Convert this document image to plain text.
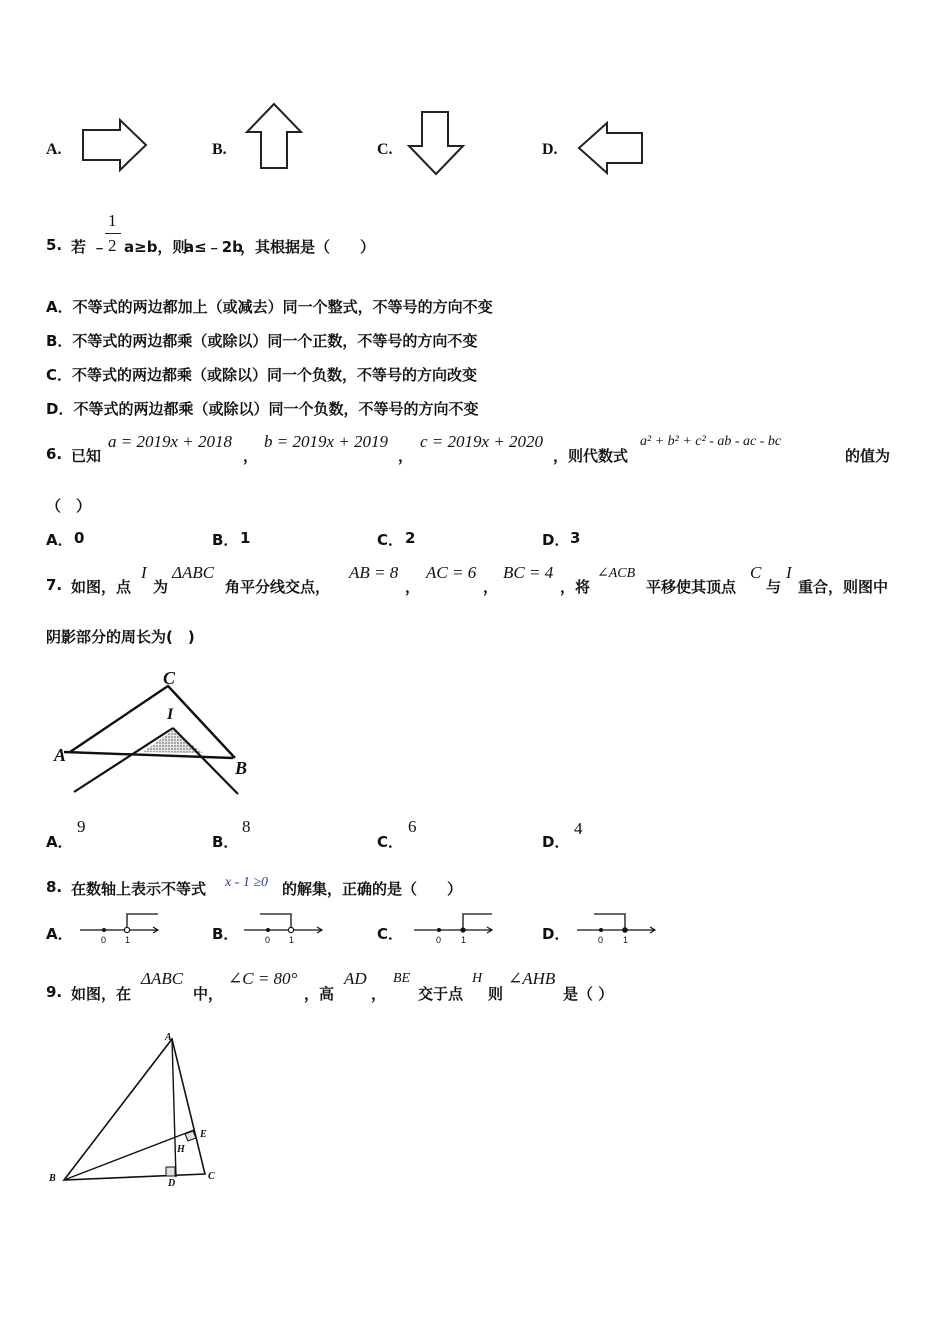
A.	B.	C.	D.
5. 若 ﹣
1
2 a≥b，则
a≤﹣2b
，其根据是（　　）
A．不等式的两边都加上（或减去）同一个整式，不等号的方向不变
B．不等式的两边都乘（或除以）同一个正数，不等号的方向不变
C．不等式的两边都乘（或除以）同一个负数，不等号的方向改变
D．不等式的两边都乘（或除以）同一个负数，不等号的方向不变
6. 已知
a = 2019x + 2018
，
b = 2019x + 2019
，
c = 2019x + 2020
，则代数式
a² + b² + c² - ab - ac - bc
的值为
（　）
A． 0	B． 1	C． 2	D． 3
7. 如图，点
I
为
ΔABC
角平分线交点，
AB = 8
，
AC = 6
，
BC = 4
，将
∠ACB
平移使其顶点
C
与
I
重合，则图中
阴影部分的周长为(　)
C
I
A
B
A．
9
B．
8
C．
6
D．
4
8. 在数轴上表示不等式 x - 1 ≥0 的解集，正确的是（　　）
A．	0 1	B．	0 1	C．	0 1	D．	0 1
9. 如图，在
ΔABC
中，
∠C = 80°
，高
AD
，
BE
交于点
H
则
∠AHB
是（ ）
A
B	C
D
E
H
